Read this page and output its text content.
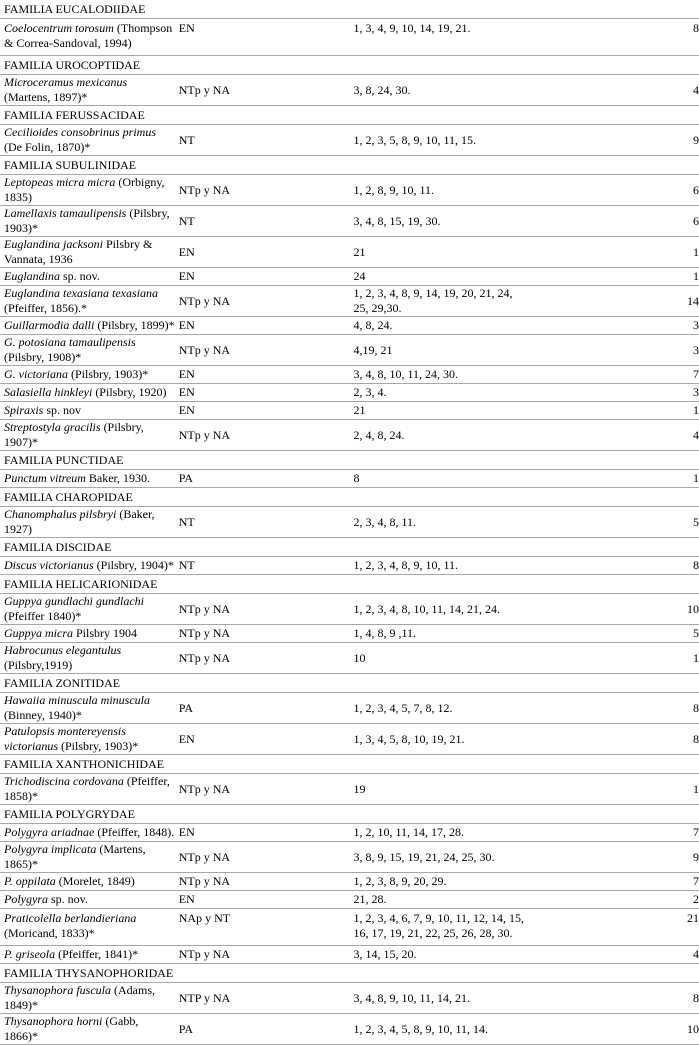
FAMILIA EUCALODIIDAE			
Coelocentrum torosum (Thompson & Correa-Sandoval, 1994)	EN	1, 3, 4, 9, 10, 14, 19, 21.	8
FAMILIA UROCOPTIDAE			
Microceramus mexicanus (Martens, 1897)*	NTp y NA	3, 8, 24, 30.	4
FAMILIA FERUSSACIDAE			
Cecilioides consobrinus primus (De Folin, 1870)*	NT	1, 2, 3, 5, 8, 9, 10, 11, 15.	9
FAMILIA SUBULINIDAE			
Leptopeas micra micra (Orbigny, 1835)	NTp y NA	1, 2, 8, 9, 10, 11.	6
Lamellaxis tamaulipensis (Pilsbry, 1903)*	NT	3, 4, 8, 15, 19, 30.	6
Euglandina jacksoni Pilsbry & Vannata, 1936	EN	21	1
Euglandina sp. nov.	EN	24	1
Euglandina texasiana texasiana (Pfeiffer, 1856).*	NTp y NA	1, 2, 3, 4, 8, 9, 14, 19, 20, 21, 24, 25, 29,30.	14
Guillarmodia dalli (Pilsbry, 1899)*	EN	4, 8, 24.	3
G. potosiana tamaulipensis (Pilsbry, 1908)*	NTp y NA	4,19, 21	3
G. victoriana (Pilsbry, 1903)*	EN	3, 4, 8, 10, 11, 24, 30.	7
Salasiella hinkleyi (Pilsbry, 1920)	EN	2, 3, 4.	3
Spiraxis sp. nov	EN	21	1
Streptostyla gracilis (Pilsbry, 1907)*	NTp y NA	2, 4, 8, 24.	4
FAMILIA PUNCTIDAE			
Punctum vitreum Baker, 1930.	PA	8	1
FAMILIA CHAROPIDAE			
Chanomphalus pilsbryi (Baker, 1927)	NT	2, 3, 4, 8, 11.	5
FAMILIA DISCIDAE			
Discus victorianus (Pilsbry, 1904)*	NT	1, 2, 3, 4, 8, 9, 10, 11.	8
FAMILIA HELICARIONIDAE			
Guppya gundlachi gundlachi (Pfeiffer 1840)*	NTp y NA	1, 2, 3, 4, 8, 10, 11, 14, 21, 24.	10
Guppya micra Pilsbry 1904	NTp y NA	1, 4, 8, 9 ,11.	5
Habrocunus elegantulus (Pilsbry,1919)	NTp y NA	10	1
FAMILIA ZONITIDAE			
Hawaiia minuscula minuscula (Binney, 1940)*	PA	1, 2, 3, 4, 5, 7, 8, 12.	8
Patulopsis montereyensis victorianus (Pilsbry, 1903)*	EN	1, 3, 4, 5, 8, 10, 19, 21.	8
FAMILIA XANTHONICHIDAE			
Trichodiscina cordovana (Pfeiffer, 1858)*	NTp y NA	19	1
FAMILIA POLYGRYDAE			
Polygyra ariadnae (Pfeiffer, 1848).	EN	1, 2, 10, 11, 14, 17, 28.	7
Polygyra implicata (Martens, 1865)*	NTp y NA	3, 8, 9, 15, 19, 21, 24, 25, 30.	9
P. oppilata (Morelet, 1849)	NTp y NA	1, 2, 3, 8, 9, 20, 29.	7
Polygyra sp. nov.	EN	21, 28.	2
Praticolella berlandieriana (Moricand, 1833)*	NAp y NT	1, 2, 3, 4, 6, 7, 9, 10, 11, 12, 14, 15, 16, 17, 19, 21, 22, 25, 26, 28, 30.	21
P. griseola (Pfeiffer, 1841)*	NTp y NA	3, 14, 15, 20.	4
FAMILIA THYSANOPHORIDAE			
Thysanophora fuscula (Adams, 1849)*	NTP y NA	3, 4, 8, 9, 10, 11, 14, 21.	8
Thysanophora horni (Gabb, 1866)*	PA	1, 2, 3, 4, 5, 8, 9, 10, 11, 14.	10
